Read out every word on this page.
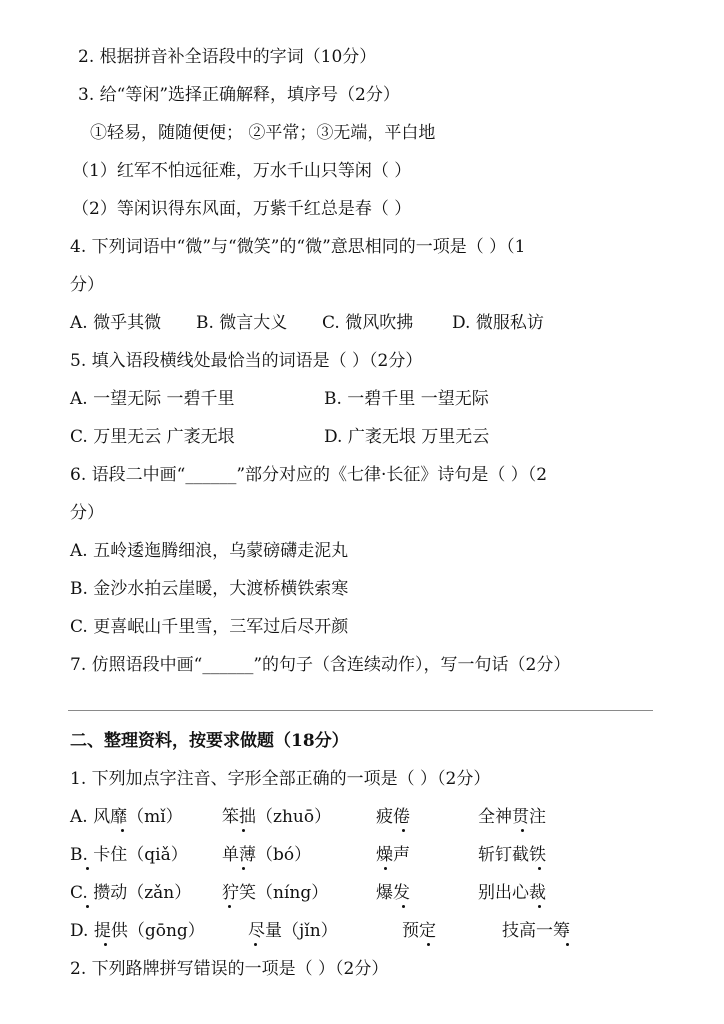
2. 根据拼音补全语段中的字词（10分）
3. 给“等闲”选择正确解释，填序号（2分）
①轻易，随随便便； ②平常；③无端，平白地
（1）红军不怕远征难，万水千山只等闲（ ）
（2）等闲识得东风面，万紫千红总是春（ ）
4. 下列词语中“微”与“微笑”的“微”意思相同的一项是（ ）（1
分）
A. 微乎其微 B. 微言大义 C. 微风吹拂 D. 微服私访
5. 填入语段横线处最恰当的词语是（ ）（2分）
A. 一望无际 一碧千里	B. 一碧千里 一望无际
C. 万里无云 广袤无垠	D. 广袤无垠 万里无云
6. 语段二中画“______”部分对应的《七律·长征》诗句是（ ）（2
分）
A. 五岭逶迤腾细浪，乌蒙磅礴走泥丸
B. 金沙水拍云崖暖，大渡桥横铁索寒
C. 更喜岷山千里雪，三军过后尽开颜
7. 仿照语段中画“______”的句子（含连续动作），写一句话（2分）
二、整理资料，按要求做题（18分）
1. 下列加点字注音、字形全部正确的一项是（ ）（2分）
A. 风靡（mǐ） 笨拙（zhuō）	疲倦	全神贯注
B. 卡住（qiǎ） 单薄（bó）	燥声	斩钉截铁
C. 攒动（zǎn） 狞笑（níng）	爆发	别出心裁
D. 提供（gōng）	尽量（jǐn）	预定	技高一筹
2. 下列路牌拼写错误的一项是（ ）（2分）
